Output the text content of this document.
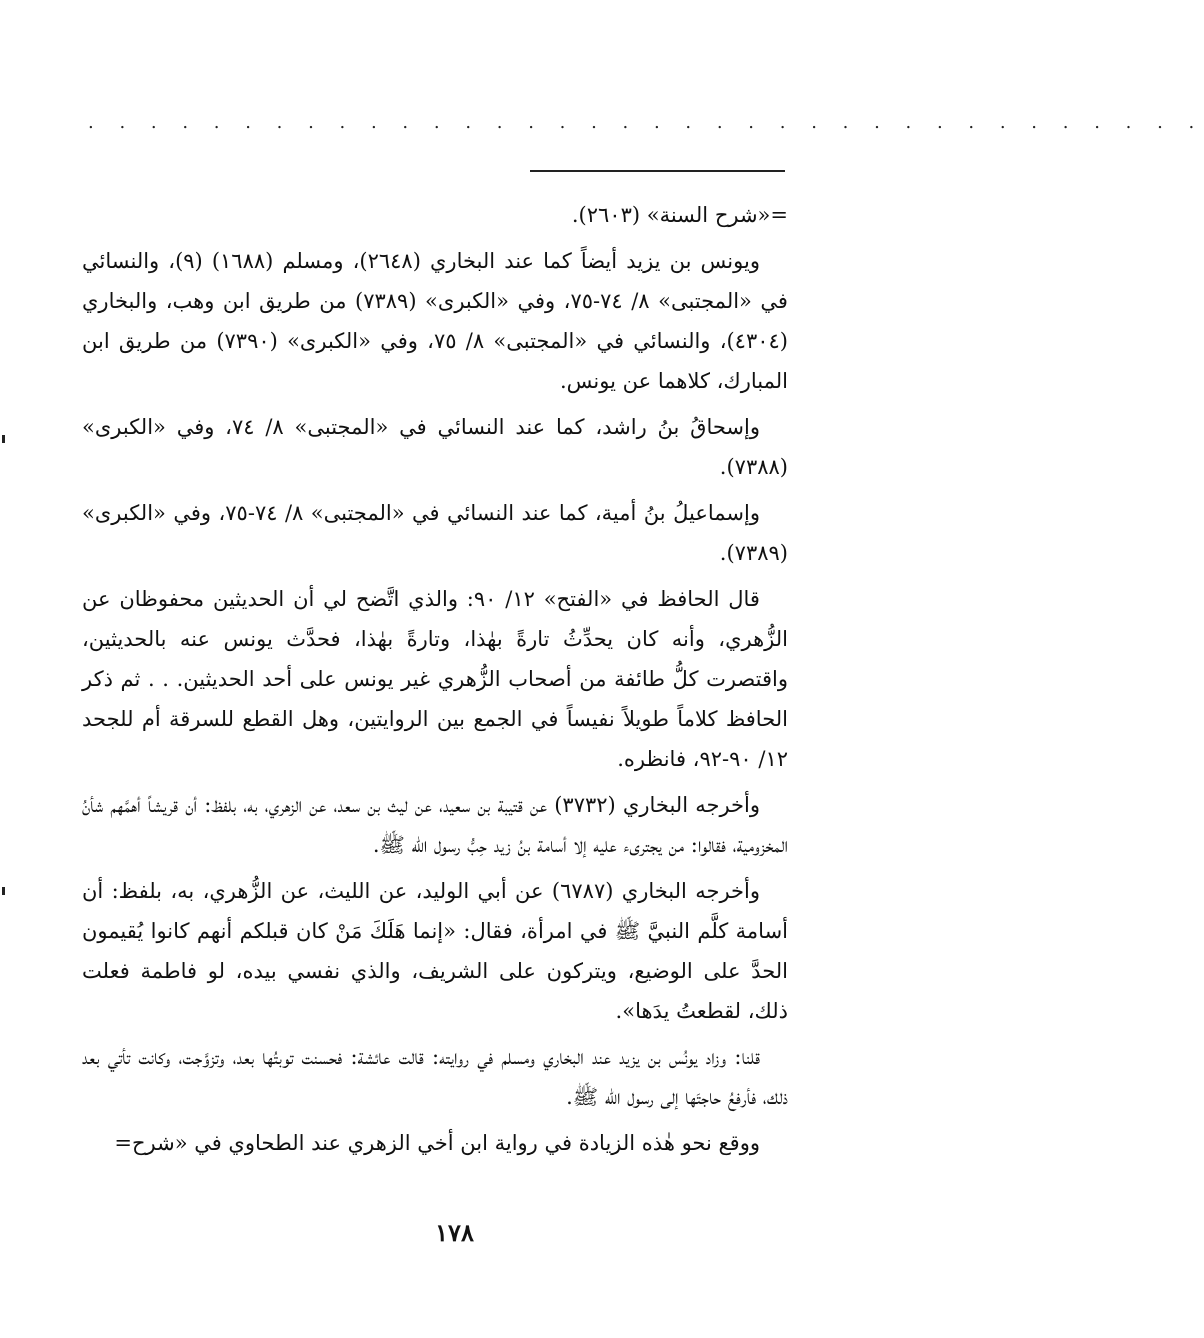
. . . . . . . . . . . . . . . . . . . . . . . . . . . . . . . . . . . .

=«شرح السنة» (٢٦٠٣).

ويونس بن يزيد أيضاً كما عند البخاري (٢٦٤٨)، ومسلم (١٦٨٨) (٩)، والنسائي في «المجتبى» ٨/ ٧٤-٧٥، وفي «الكبرى» (٧٣٨٩) من طريق ابن وهب، والبخاري (٤٣٠٤)، والنسائي في «المجتبى» ٨/ ٧٥، وفي «الكبرى» (٧٣٩٠) من طريق ابن المبارك، كلاهما عن يونس.

وإسحاقُ بنُ راشد، كما عند النسائي في «المجتبى» ٨/ ٧٤، وفي «الكبرى» (٧٣٨٨).

وإسماعيلُ بنُ أمية، كما عند النسائي في «المجتبى» ٨/ ٧٤-٧٥، وفي «الكبرى» (٧٣٨٩).

قال الحافظ في «الفتح» ١٢/ ٩٠: والذي اتَّضح لي أن الحديثين محفوظان عن الزُّهري، وأنه كان يحدِّثُ تارةً بهٰذا، وتارةً بهٰذا، فحدَّث يونس عنه بالحديثين، واقتصرت كلُّ طائفة من أصحاب الزُّهري غير يونس على أحد الحديثين. . . ثم ذكر الحافظ كلاماً طويلاً نفيساً في الجمع بين الروايتين، وهل القطع للسرقة أم للجحد ١٢/ ٩٠-٩٢، فانظره.

وأخرجه البخاري (٣٧٣٢) عن قتيبة بن سعيد، عن ليث بن سعد، عن الزهري، به، بلفظ: أن قريشاً أهمَّهم شأنُ المخزومية، فقالوا: من يجترىء عليه إلا أسامة بنُ زيد حِبُّ رسول الله ﷺ.

وأخرجه البخاري (٦٧٨٧) عن أبي الوليد، عن الليث، عن الزُّهري، به، بلفظ: أن أسامة كلَّم النبيَّ ﷺ في امرأة، فقال: «إنما هَلَكَ مَنْ كان قبلكم أنهم كانوا يُقيمون الحدَّ على الوضيع، ويتركون على الشريف، والذي نفسي بيده، لو فاطمة فعلت ذلك، لقطعتُ يدَها».

قلنا: وزاد يونُس بن يزيد عند البخاري ومسلم في روايته: قالت عائشة: فحسنت توبتُها بعد، وتزوَّجت، وكانت تأتي بعد ذلك، فأرفعُ حاجتَها إلى رسول الله ﷺ.

ووقع نحو هٰذه الزيادة في رواية ابن أخي الزهري عند الطحاوي في «شرح=

١٧٨
